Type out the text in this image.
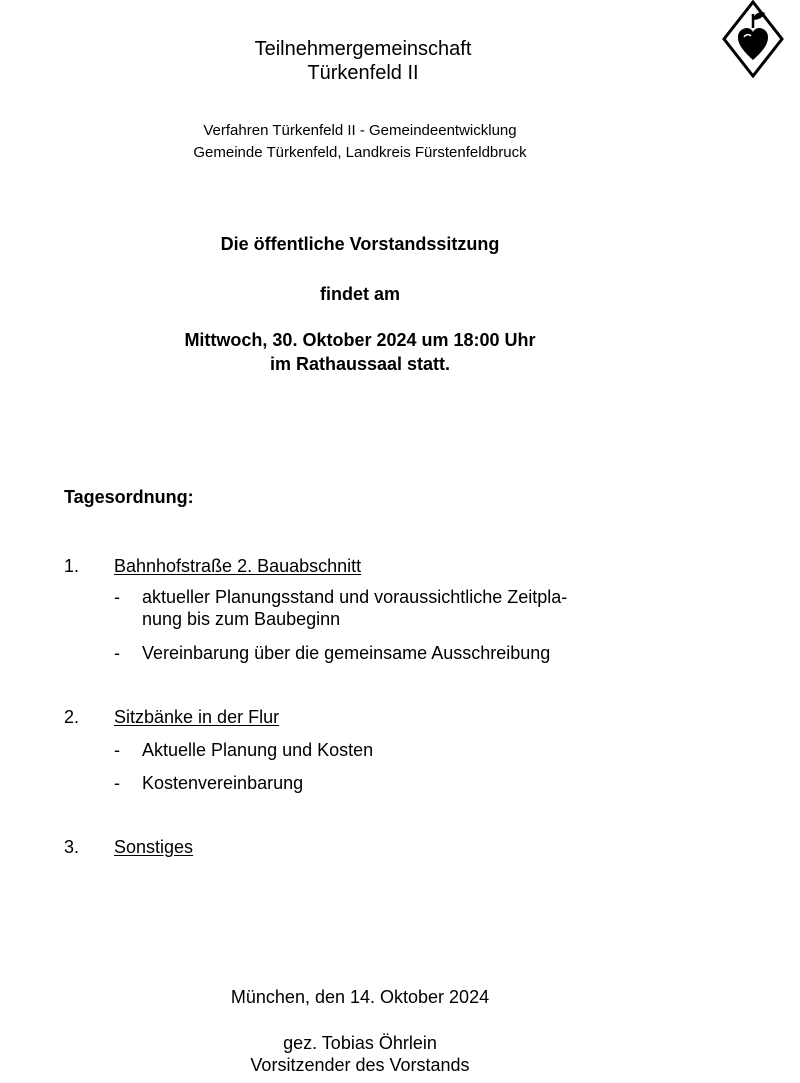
Teilnehmergemeinschaft
Türkenfeld II
Verfahren Türkenfeld II - Gemeindeentwicklung
Gemeinde Türkenfeld, Landkreis Fürstenfeldbruck
Die öffentliche Vorstandssitzung
findet am
Mittwoch, 30. Oktober 2024 um 18:00 Uhr
im Rathaussaal statt.
Tagesordnung:
1.	Bahnhofstraße 2. Bauabschnitt
- aktueller Planungsstand und voraussichtliche Zeitpla-
nung bis zum Baubeginn
- Vereinbarung über die gemeinsame Ausschreibung
2.	Sitzbänke in der Flur
- Aktuelle Planung und Kosten
- Kostenvereinbarung
3.	Sonstiges
München, den 14. Oktober 2024
gez. Tobias Öhrlein
Vorsitzender des Vorstands
